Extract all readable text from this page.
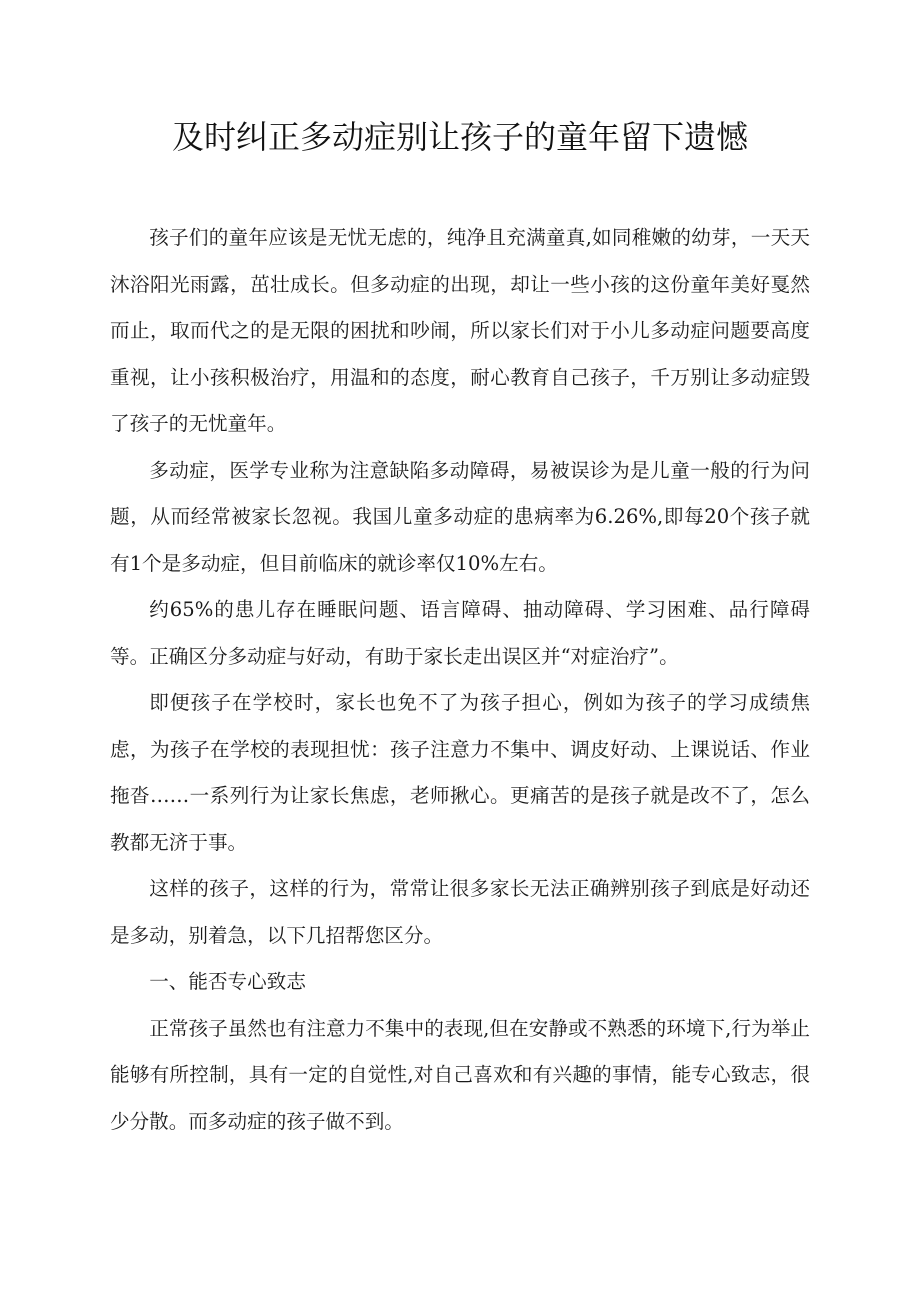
及时纠正多动症别让孩子的童年留下遗憾

孩子们的童年应该是无忧无虑的，纯净且充满童真,如同稚嫩的幼芽，一天天沐浴阳光雨露，茁壮成长。但多动症的出现，却让一些小孩的这份童年美好戛然而止，取而代之的是无限的困扰和吵闹，所以家长们对于小儿多动症问题要高度重视，让小孩积极治疗，用温和的态度，耐心教育自己孩子，千万别让多动症毁了孩子的无忧童年。

多动症，医学专业称为注意缺陷多动障碍，易被误诊为是儿童一般的行为问题，从而经常被家长忽视。我国儿童多动症的患病率为6.26%,即每20个孩子就有1个是多动症，但目前临床的就诊率仅10%左右。

约65%的患儿存在睡眠问题、语言障碍、抽动障碍、学习困难、品行障碍等。正确区分多动症与好动，有助于家长走出误区并“对症治疗”。

即便孩子在学校时，家长也免不了为孩子担心，例如为孩子的学习成绩焦虑，为孩子在学校的表现担忧：孩子注意力不集中、调皮好动、上课说话、作业拖沓……一系列行为让家长焦虑，老师揪心。更痛苦的是孩子就是改不了，怎么教都无济于事。

这样的孩子，这样的行为，常常让很多家长无法正确辨别孩子到底是好动还是多动，别着急，以下几招帮您区分。

一、能否专心致志

正常孩子虽然也有注意力不集中的表现,但在安静或不熟悉的环境下,行为举止能够有所控制，具有一定的自觉性,对自己喜欢和有兴趣的事情，能专心致志，很少分散。而多动症的孩子做不到。
